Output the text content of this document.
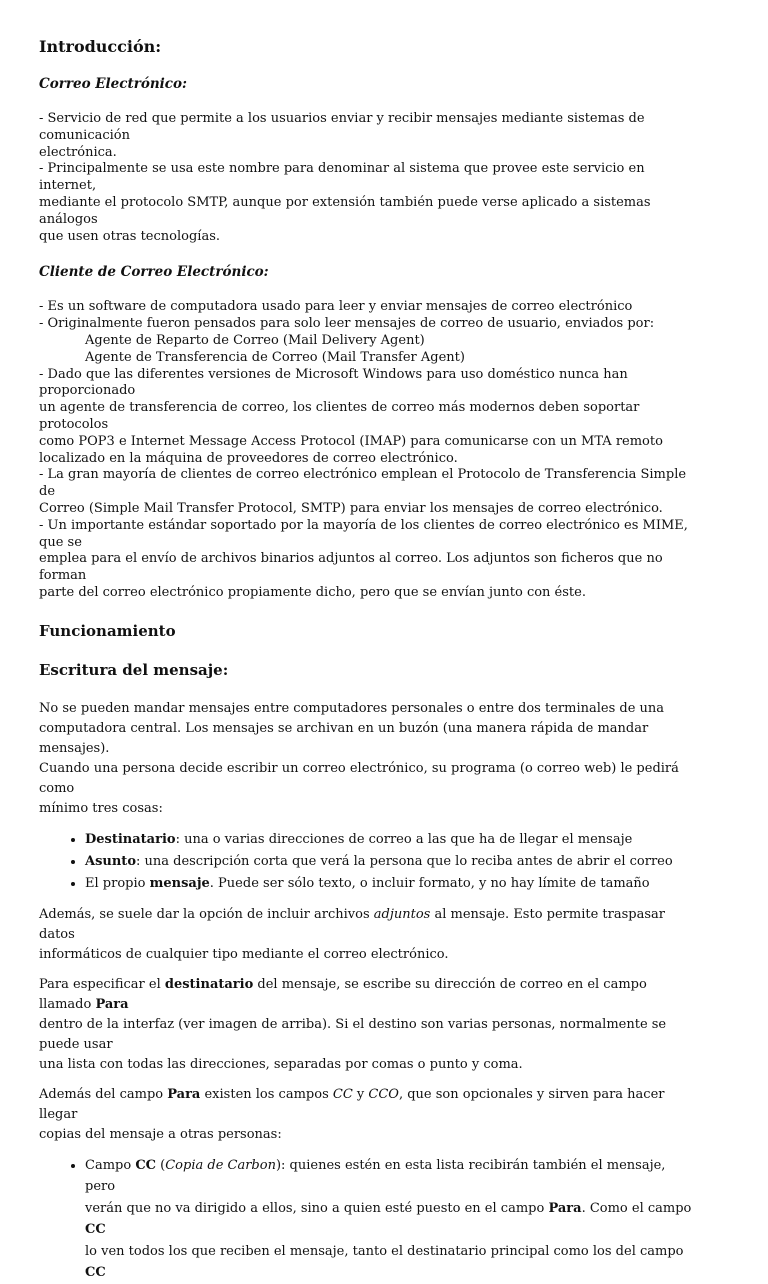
Introducción:

Correo Electrónico:

- Servicio de red que permite a los usuarios enviar y recibir mensajes mediante sistemas de comunicación

electrónica.

- Principalmente se usa este nombre para denominar al sistema que provee este servicio en internet,

mediante el protocolo SMTP, aunque por extensión también puede verse aplicado a sistemas análogos

que usen otras tecnologías.

Cliente de Correo Electrónico:

- Es un software de computadora usado para leer y enviar mensajes de correo electrónico

- Originalmente fueron pensados para solo leer mensajes de correo de usuario, enviados por:

Agente de Reparto de Correo (Mail Delivery Agent)

Agente de Transferencia de Correo (Mail Transfer Agent)

- Dado que las diferentes versiones de Microsoft Windows para uso doméstico nunca han proporcionado

un agente de transferencia de correo, los clientes de correo más modernos deben soportar protocolos

como POP3 e Internet Message Access Protocol (IMAP) para comunicarse con un MTA remoto

localizado en la máquina de proveedores de correo electrónico.

- La gran mayoría de clientes de correo electrónico emplean el Protocolo de Transferencia Simple de

Correo (Simple Mail Transfer Protocol, SMTP) para enviar los mensajes de correo electrónico.

- Un importante estándar soportado por la mayoría de los clientes de correo electrónico es MIME, que se

emplea para el envío de archivos binarios adjuntos al correo. Los adjuntos son ficheros que no forman

parte del correo electrónico propiamente dicho, pero que se envían junto con éste.

Funcionamiento
Escritura del mensaje:

No se pueden mandar mensajes entre computadores personales o entre dos terminales de una

computadora central. Los mensajes se archivan en un buzón (una manera rápida de mandar mensajes).

Cuando una persona decide escribir un correo electrónico, su programa (o correo web) le pedirá como

mínimo tres cosas:

• Destinatario: una o varias direcciones de correo a las que ha de llegar el mensaje
• Asunto: una descripción corta que verá la persona que lo reciba antes de abrir el correo
• El propio mensaje. Puede ser sólo texto, o incluir formato, y no hay límite de tamaño

Además, se suele dar la opción de incluir archivos adjuntos al mensaje. Esto permite traspasar datos

informáticos de cualquier tipo mediante el correo electrónico.

Para especificar el destinatario del mensaje, se escribe su dirección de correo en el campo llamado Para

dentro de la interfaz (ver imagen de arriba). Si el destino son varias personas, normalmente se puede usar

una lista con todas las direcciones, separadas por comas o punto y coma.

Además del campo Para existen los campos CC y CCO, que son opcionales y sirven para hacer llegar

copias del mensaje a otras personas:

• Campo CC (Copia de Carbon): quienes estén en esta lista recibirán también el mensaje, pero
verán que no va dirigido a ellos, sino a quien esté puesto en el campo Para. Como el campo CC
lo ven todos los que reciben el mensaje, tanto el destinatario principal como los del campo CC
